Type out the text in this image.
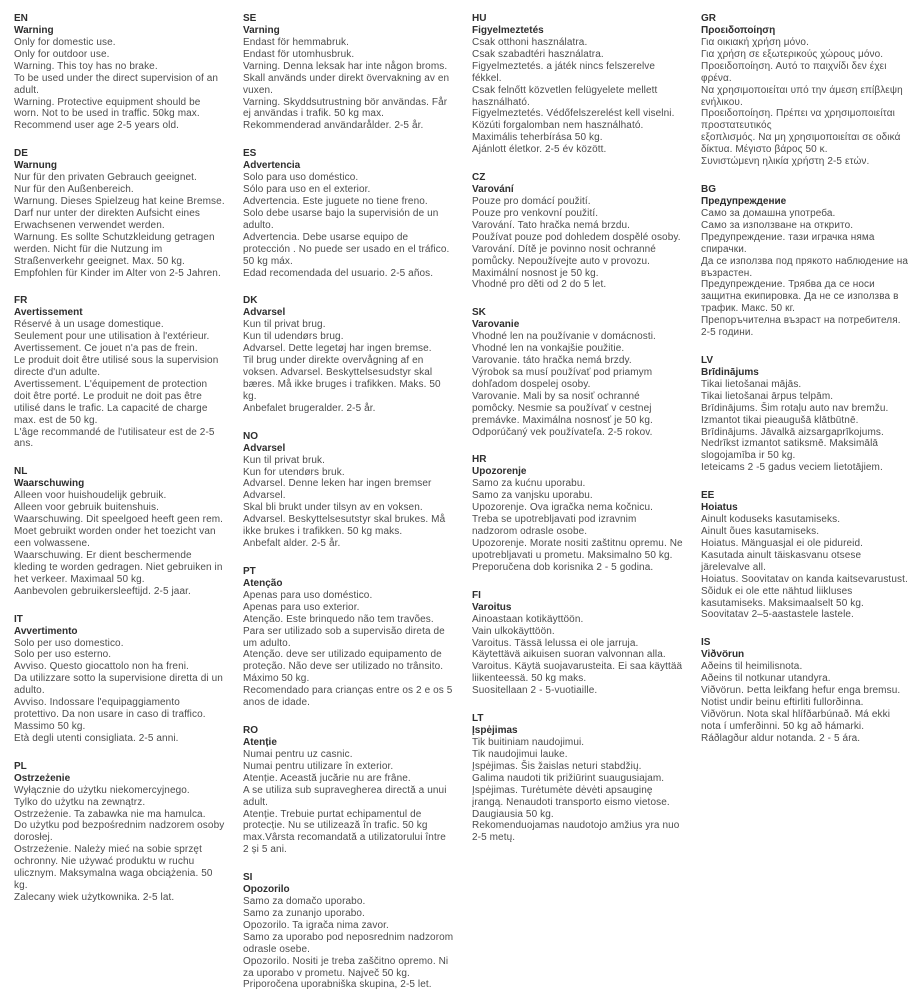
EN
Warning

Only for domestic use.

Only for outdoor use.

Warning. This toy has no brake.

To be used under the direct supervision of an adult.

Warning. Protective equipment should be worn. Not to be used in traffic. 50kg max.

Recommend user age 2-5 years old.

DE
Warnung

Nur für den privaten Gebrauch geeignet.

Nur für den Außenbereich.

Warnung. Dieses Spielzeug hat keine Bremse.

Darf nur unter der direkten Aufsicht eines Erwachsenen verwendet werden.

Warnung. Es sollte Schutzkleidung getragen werden. Nicht für die Nutzung im Straßenverkehr geeignet. Max. 50 kg.

Empfohlen für Kinder im Alter von 2-5 Jahren.

FR
Avertissement

Réservé à un usage domestique.

Seulement pour une utilisation à l'extérieur.

Avertissement. Ce jouet n'a pas de frein.

Le produit doit être utilisé sous la supervision directe d'un adulte.

Avertissement. L'équipement de protection doit être porté. Le produit ne doit pas être utilisé dans le trafic. La capacité de charge max. est de 50 kg.

L'âge recommandé de l'utilisateur est de 2-5 ans.

NL
Waarschuwing

Alleen voor huishoudelijk gebruik.

Alleen voor gebruik buitenshuis.

Waarschuwing. Dit speelgoed heeft geen rem.

Moet gebruikt worden onder het toezicht van een volwassene.

Waarschuwing. Er dient beschermende kleding te worden gedragen. Niet gebruiken in het verkeer. Maximaal 50 kg.

Aanbevolen gebruikersleeftijd. 2-5 jaar.

IT
Avvertimento

Solo per uso domestico.

Solo per uso esterno.

Avviso. Questo giocattolo non ha freni.

Da utilizzare sotto la supervisione diretta di un adulto.

Avviso. Indossare l'equipaggiamento protettivo. Da non usare in caso di traffico. Massimo 50 kg.

Età degli utenti consigliata. 2-5 anni.

PL
Ostrzeżenie

Wyłącznie do użytku niekomercyjnego.

Tylko do użytku na zewnątrz.

Ostrzeżenie. Ta zabawka nie ma hamulca.

Do użytku pod bezpośrednim nadzorem osoby dorosłej.

Ostrzeżenie. Należy mieć na sobie sprzęt ochronny. Nie używać produktu w ruchu ulicznym. Maksymalna waga obciążenia. 50 kg.

Zalecany wiek użytkownika. 2-5 lat.

SE
Varning

Endast för hemmabruk.

Endast för utomhusbruk.

Varning. Denna leksak har inte någon broms.

Skall används under direkt övervakning av en vuxen.

Varning. Skyddsutrustning bör användas. Får ej användas i trafik. 50 kg max.

Rekommenderad användarålder. 2-5 år.

ES
Advertencia

Solo para uso doméstico.

Sólo para uso en el exterior.

Advertencia. Este juguete no tiene freno.

Solo debe usarse bajo la supervisión de un adulto.

Advertencia. Debe usarse equipo de protección . No puede ser usado en el tráfico. 50 kg máx.

Edad recomendada del usuario. 2-5 años.

DK
Advarsel

Kun til privat brug.

Kun til udendørs brug.

Advarsel. Dette legetøj har ingen bremse.

Til brug under direkte overvågning af en voksen. Advarsel. Beskyttelsesudstyr skal bæres. Må ikke bruges i trafikken. Maks. 50 kg.

Anbefalet brugeralder. 2-5 år.

NO
Advarsel

Kun til privat bruk.

Kun for utendørs bruk.

Advarsel. Denne leken har ingen bremser Advarsel.

Skal bli brukt under tilsyn av en voksen.

Advarsel. Beskyttelsesutstyr skal brukes. Må ikke brukes i trafikken. 50 kg maks.

Anbefalt alder. 2-5 år.

PT
Atenção

Apenas para uso doméstico.

Apenas para uso exterior.

Atenção. Este brinquedo não tem travões.

Para ser utilizado sob a supervisão direta de um adulto.

Atenção. deve ser utilizado equipamento de proteção. Não deve ser utilizado no trânsito. Máximo 50 kg.

Recomendado para crianças entre os 2 e os 5 anos de idade.

RO
Atenție

Numai pentru uz casnic.

Numai pentru utilizare în exterior.

Atenție. Această jucărie nu are frâne.

A se utiliza sub supravegherea directă a unui adult.

Atenție. Trebuie purtat echipamentul de protecție. Nu se utilizează în trafic. 50 kg max.Vârsta recomandată a utilizatorului între 2 și 5 ani.

SI
Opozorilo

Samo za domačo uporabo.

Samo za zunanjo uporabo.

Opozorilo. Ta igrača nima zavor.

Samo za uporabo pod neposrednim nadzorom odrasle osebe.

Opozorilo. Nositi je treba zaščitno opremo. Ni za uporabo v prometu. Največ 50 kg.

Priporočena uporabniška skupina, 2-5 let.

HU
Figyelmeztetés

Csak otthoni használatra.

Csak szabadtéri használatra.

Figyelmeztetés. a játék nincs felszerelve fékkel.

Csak felnőtt közvetlen felügyelete mellett használható.

Figyelmeztetés. Védőfelszerelést kell viselni. Közúti forgalomban nem használható. Maximális teherbírása 50 kg.

Ajánlott életkor. 2-5 év között.

CZ
Varování

Pouze pro domácí použití.

Pouze pro venkovní použití.

Varování. Tato hračka nemá brzdu.

Používat pouze pod dohledem dospělé osoby.

Varování. Dítě je povinno nosit ochranné pomůcky. Nepoužívejte auto v provozu. Maximální nosnost je 50 kg.

Vhodné pro děti od 2 do 5 let.

SK
Varovanie

Vhodné len na používanie v domácnosti.

Vhodné len na vonkajšie použitie.

Varovanie. táto hračka nemá brzdy.

Výrobok sa musí používať pod priamym dohľadom dospelej osoby.

Varovanie. Mali by sa nosiť ochranné pomôcky. Nesmie sa používať v cestnej premávke. Maximálna nosnosť je 50 kg.

Odporúčaný vek používateľa. 2-5 rokov.

HR
Upozorenje

Samo za kućnu uporabu.

Samo za vanjsku uporabu.

Upozorenje. Ova igračka nema kočnicu.

Treba se upotrebljavati pod izravnim nadzorom odrasle osobe.

Upozorenje. Morate nositi zaštitnu opremu. Ne upotrebljavati u prometu. Maksimalno 50 kg.

Preporučena dob korisnika 2 - 5 godina.

FI
Varoitus

Ainoastaan kotikäyttöön.

Vain ulkokäyttöön.

Varoitus. Tässä lelussa ei ole jarruja.

Käytettävä aikuisen suoran valvonnan alla.

Varoitus. Käytä suojavarusteita. Ei saa käyttää liikenteessä. 50 kg maks.

Suositellaan 2 - 5-vuotiaille.

LT
Įspėjimas

Tik buitiniam naudojimui.

Tik naudojimui lauke.

Įspėjimas. Šis žaislas neturi stabdžių.

Galima naudoti tik prižiūrint suaugusiajam.

Įspėjimas. Turėtumėte dėvėti apsauginę įrangą. Nenaudoti transporto eismo vietose. Daugiausia 50 kg.

Rekomenduojamas naudotojo amžius yra nuo 2-5 metų.

GR
Προειδοποίηση

Για οικιακή χρήση μόνο.

Για χρήση σε εξωτερικούς χώρους μόνο.

Προειδοποίηση. Αυτό το παιχνίδι δεν έχει φρένα.

Να χρησιμοποιείται υπό την άμεση επίβλεψη ενήλικου.

Προειδοποίηση. Πρέπει να χρησιμοποιείται προστατευτικός

εξοπλισμός. Να μη χρησιμοποιείται σε οδικά δίκτυα. Μέγιστο βάρος 50 κ.

Συνιστώμενη ηλικία χρήστη 2-5 ετών.

BG
Предупреждение

Само за домашна употреба.

Само за използване на открито.

Предупреждение. тази играчка няма спирачки.

Да се използва под прякото наблюдение на възрастен.

Предупреждение. Трябва да се носи защитна екипировка. Да не се използва в трафик. Макс. 50 кг.

Препоръчителна възраст на потребителя. 2-5 години.

LV
Brīdinājums

Tikai lietošanai mājās.

Tikai lietošanai ārpus telpām.

Brīdinājums. Šim rotaļu auto nav bremžu.

Izmantot tikai pieaugušā klātbūtnē.

Brīdinājums. Jāvalkā aizsargaprīkojums. Nedrīkst izmantot satiksmē. Maksimālā slogojamība ir 50 kg.

Ieteicams 2 -5 gadus veciem lietotājiem.

EE
Hoiatus

Ainult koduseks kasutamiseks.

Ainult õues kasutamiseks.

Hoiatus. Mänguasjal ei ole pidureid.

Kasutada ainult täiskasvanu otsese järelevalve all.

Hoiatus. Soovitatav on kanda kaitsevarustust. Sõiduk ei ole ette nähtud liikluses kasutamiseks. Maksimaalselt 50 kg.

Soovitatav 2–5-aastastele lastele.

IS
Viðvörun

Aðeins til heimilisnota.

Aðeins til notkunar utandyra.

Viðvörun. Þetta leikfang hefur enga bremsu.

Notist undir beinu eftirliti fullorðinna.

Viðvörun. Nota skal hlífðarbúnað. Má ekki nota í umferðinni. 50 kg að hámarki.

Ráðlagður aldur notanda. 2 - 5 ára.
